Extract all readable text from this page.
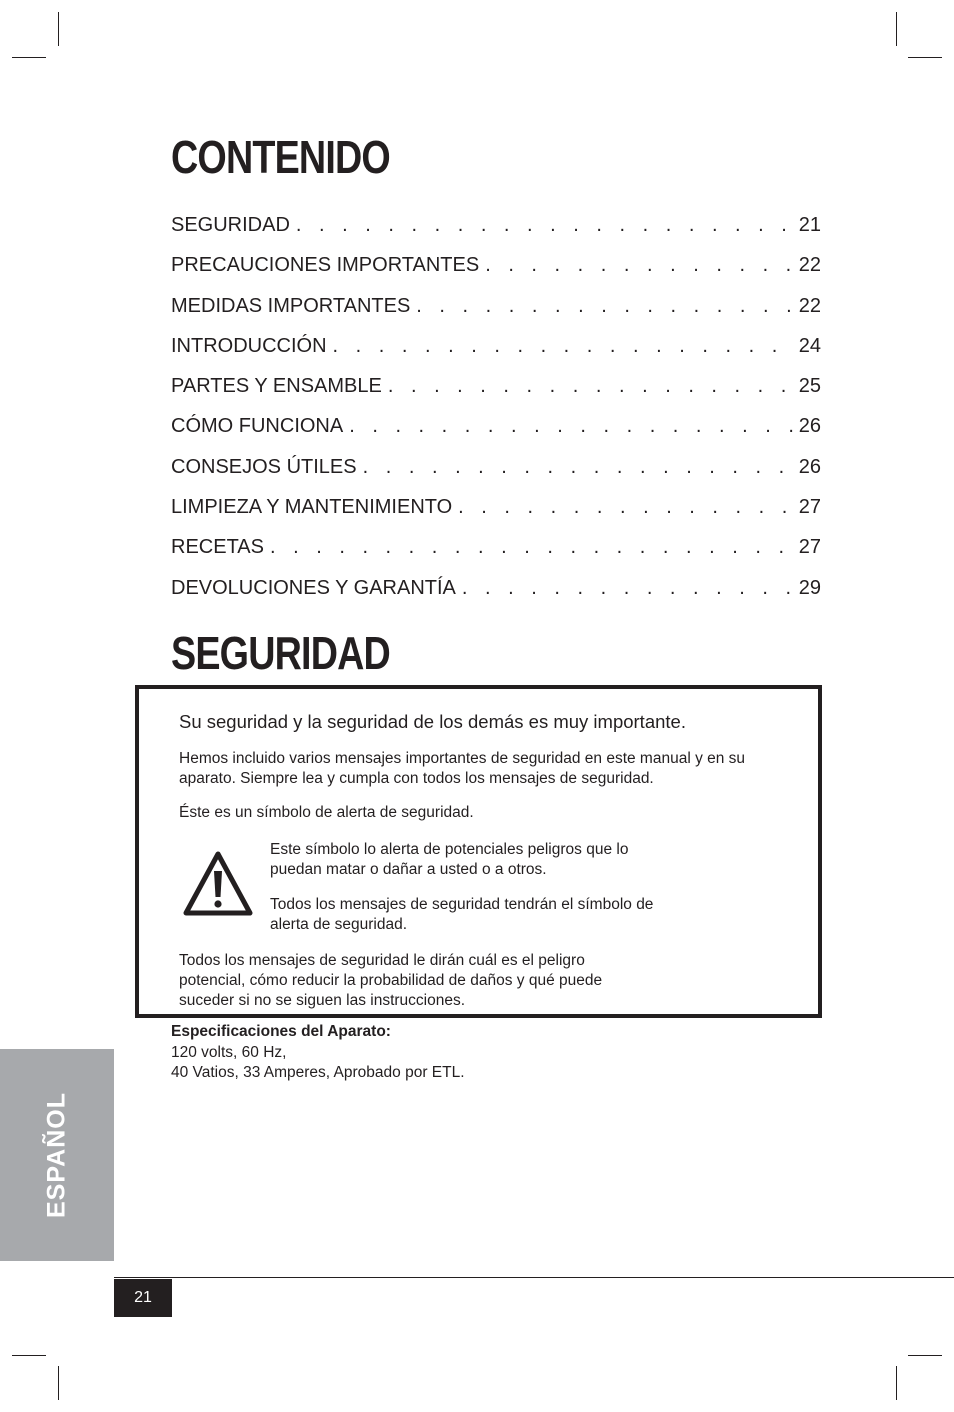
CONTENIDO
SEGURIDAD . . .	21
PRECAUCIONES IMPORTANTES . . .	22
MEDIDAS IMPORTANTES . . .	22
INTRODUCCIÓN . . .	24
PARTES Y ENSAMBLE . . .	25
CÓMO FUNCIONA . . .	26
CONSEJOS ÚTILES . . .	26
LIMPIEZA Y MANTENIMIENTO . . .	27
RECETAS . . .	27
DEVOLUCIONES Y GARANTÍA . . .	29
SEGURIDAD

Su seguridad y la seguridad de los demás es muy importante.

Hemos incluido varios mensajes importantes de seguridad en este manual y en su aparato. Siempre lea y cumpla con todos los mensajes de seguridad.

Éste es un símbolo de alerta de seguridad.

Este símbolo lo alerta de potenciales peligros que lo puedan matar o dañar a usted o a otros.

Todos los mensajes de seguridad tendrán el símbolo de alerta de seguridad.

Todos los mensajes de seguridad le dirán cuál es el peligro potencial, cómo reducir la probabilidad de daños y qué puede suceder si no se siguen las instrucciones.

Especificaciones del Aparato:
120 volts, 60 Hz,
40 Vatios, 33 Amperes, Aprobado por ETL.
ESPAÑOL
21
